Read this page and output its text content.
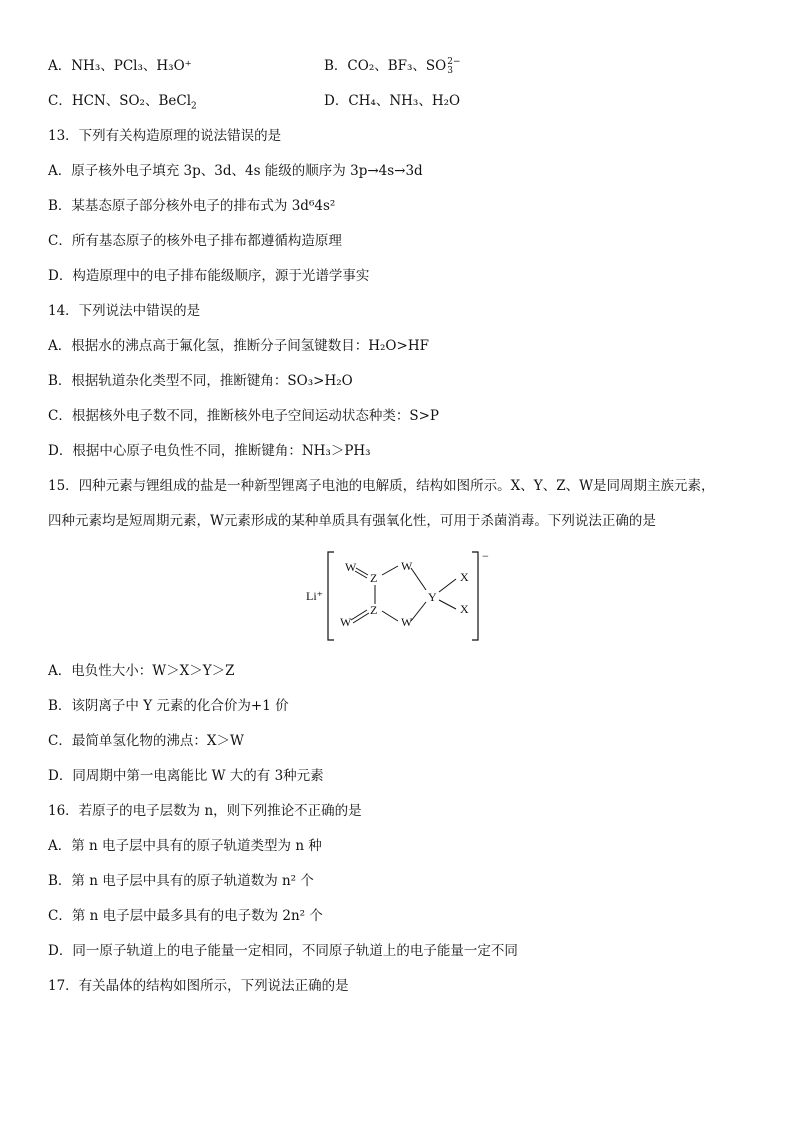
A．NH₃、PCl₃、H₃O⁺	B．CO₂、BF₃、SO 2−
3
C．HCN、SO₂、BeCl$_2$	D．CH₄、NH₃、H₂O
13．下列有关构造原理的说法错误的是
A．原子核外电子填充 3p、3d、4s 能级的顺序为 3p→4s→3d
B．某基态原子部分核外电子的排布式为 3d⁶4s²
C．所有基态原子的核外电子排布都遵循构造原理
D．构造原理中的电子排布能级顺序，源于光谱学事实
14．下列说法中错误的是
A．根据水的沸点高于氟化氢，推断分子间氢键数目：H₂O>HF
B．根据轨道杂化类型不同，推断键角：SO₃>H₂O
C．根据核外电子数不同，推断核外电子空间运动状态种类：S>P
D．根据中心原子电负性不同，推断键角：NH₃＞PH₃
15．四种元素与锂组成的盐是一种新型锂离子电池的电解质，结构如图所示。X、Y、Z、W是同周期主族元素，
四种元素均是短周期元素，W元素形成的某种单质具有强氧化性，可用于杀菌消毒。下列说法正确的是
Li⁺
−
W
Z
W
Z
W	W
Y
X
X
A．电负性大小：W＞X＞Y＞Z
B．该阴离子中 Y 元素的化合价为+1 价
C．最简单氢化物的沸点：X＞W
D．同周期中第一电离能比 W 大的有 3种元素
16．若原子的电子层数为 n，则下列推论不正确的是
A．第 n 电子层中具有的原子轨道类型为 n 种
B．第 n 电子层中具有的原子轨道数为 n² 个
C．第 n 电子层中最多具有的电子数为 2n² 个
D．同一原子轨道上的电子能量一定相同，不同原子轨道上的电子能量一定不同
17．有关晶体的结构如图所示，下列说法正确的是
